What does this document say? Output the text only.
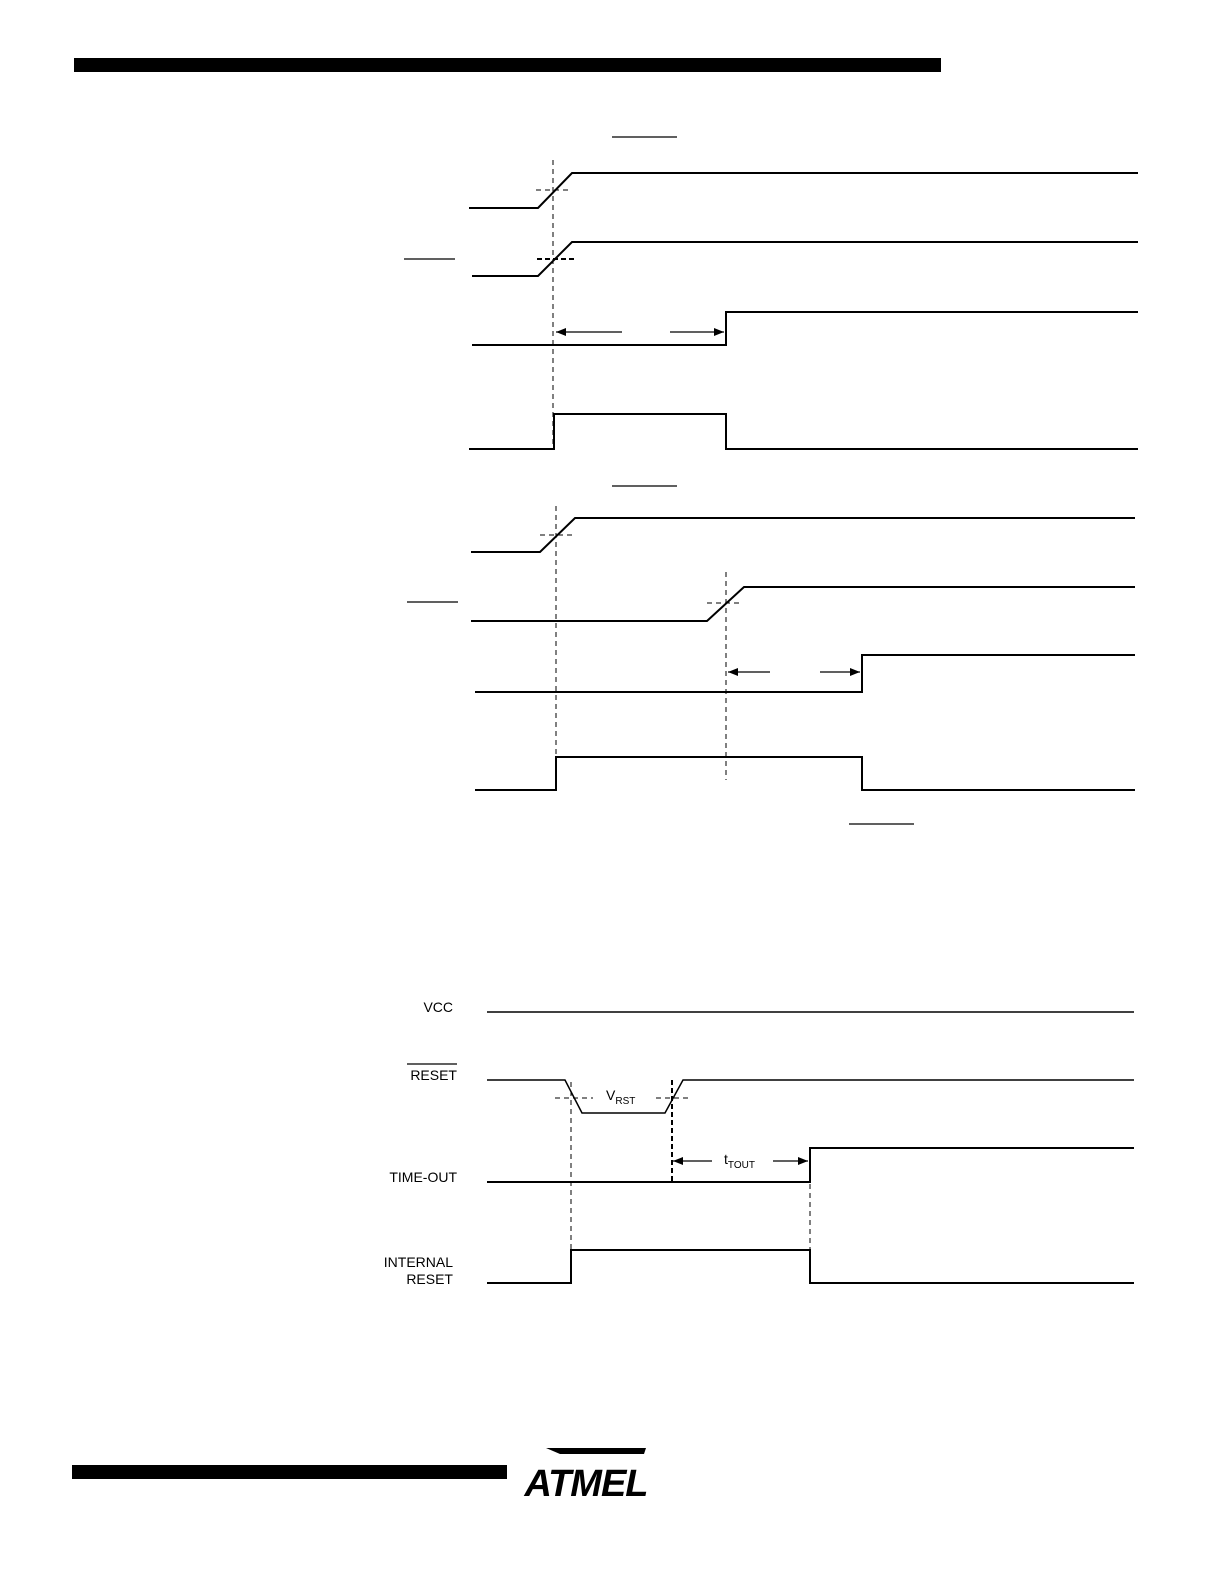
VCC
RESET
$V_{RST}$
TIME-OUT
$t_{TOUT}$
INTERNAL
RESET
ATMEL
